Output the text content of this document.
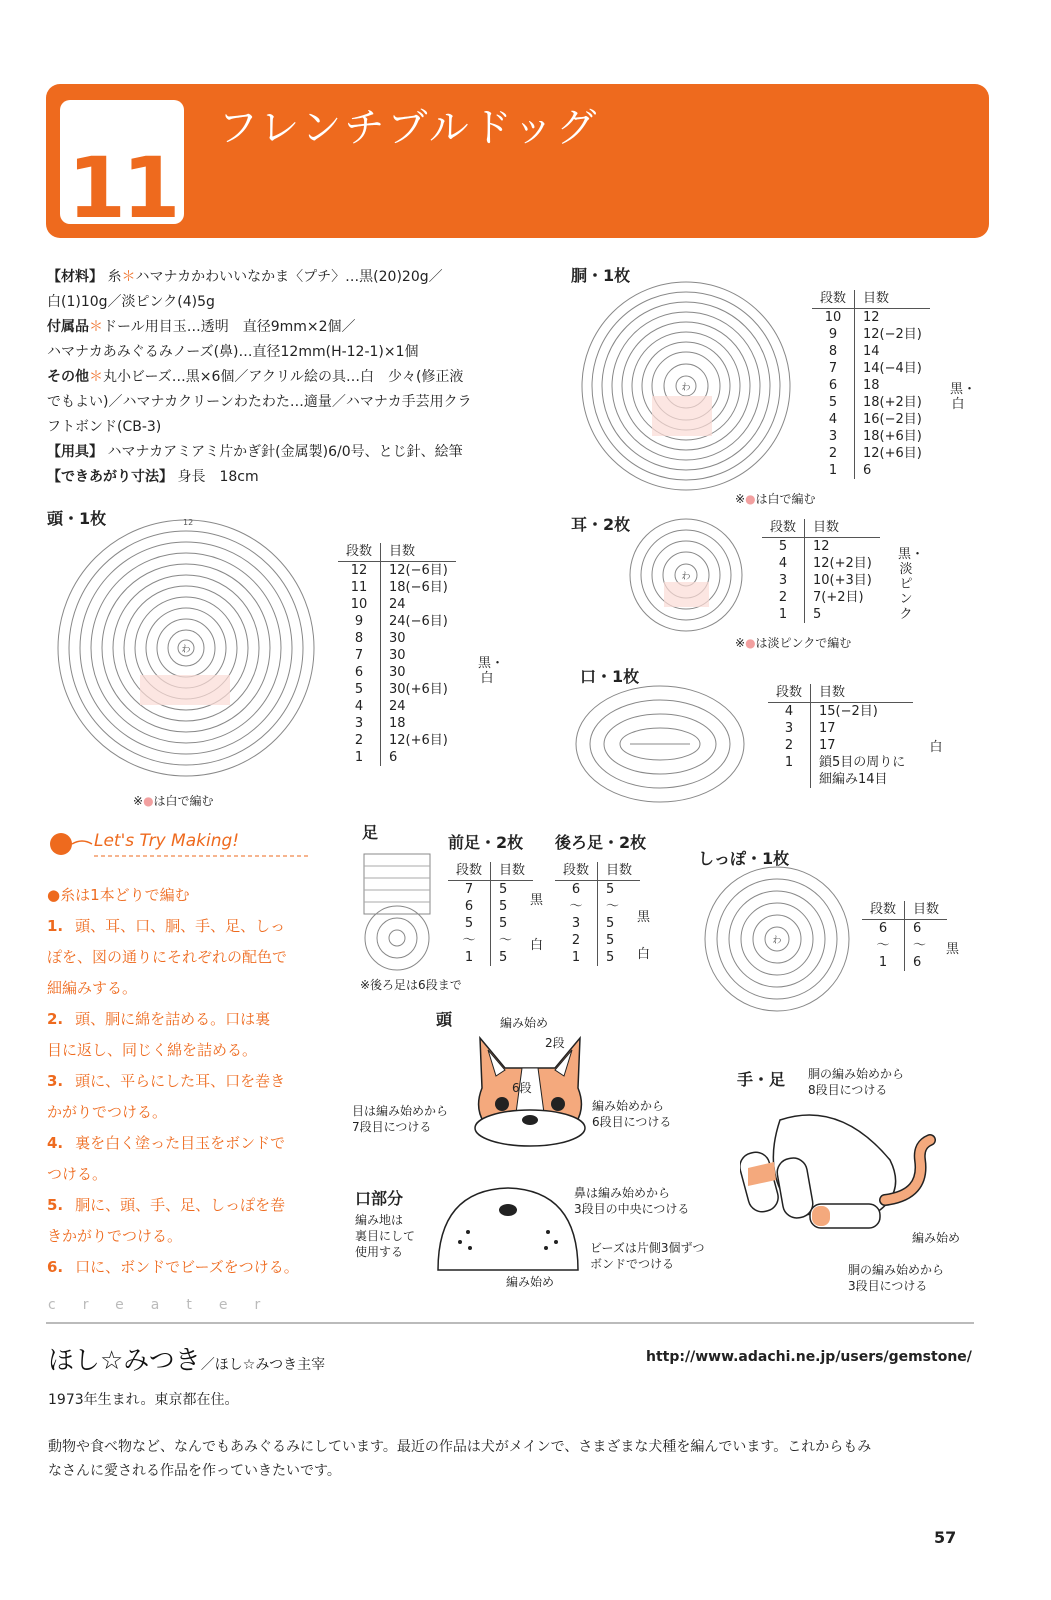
11
フレンチブルドッグ
【材料】 糸＊ハマナカかわいいなかま〈プチ〉…黒(20)20g／
白(1)10g／淡ピンク(4)5g
付属品＊ドール用目玉…透明　直径9mm×2個／
ハマナカあみぐるみノーズ(鼻)…直径12mm(H-12-1)×1個
その他＊丸小ビーズ…黒×6個／アクリル絵の具…白　少々(修正液
でもよい)／ハマナカクリーンわたわた…適量／ハマナカ手芸用クラ
フトボンド(CB-3)
【用具】 ハマナカアミアミ片かぎ針(金属製)6/0号、とじ針、絵筆
【できあがり寸法】 身長　18cm
頭・1枚
わ
12
段数	目数
12	12(−6目)
11	18(−6目)
10	24
9	24(−6目)
8	30
7	30
6	30
5	30(+6目)
4	24
3	18
2	12(+6目)
1	6
黒・白
※●は白で編む
胴・1枚
わ
段数	目数
10	12
9	12(−2目)
8	14
7	14(−4目)
6	18
5	18(+2目)
4	16(−2目)
3	18(+6目)
2	12(+6目)
1	6
黒・白
※●は白で編む
耳・2枚
わ
段数	目数
5	12
4	12(+2目)
3	10(+3目)
2	7(+2目)
1	5
黒・淡ピンク
※●は淡ピンクで編む
口・1枚
段数	目数
4	15(−2目)
3	17
2	17
1	鎖5目の周りに
	細編み14目
白
Let's Try Making!
●糸は1本どりで編む
1. 頭、耳、口、胴、手、足、しっ
ぽを、図の通りにそれぞれの配色で
細編みする。
2. 頭、胴に綿を詰める。口は裏
目に返し、同じく綿を詰める。
3. 頭に、平らにした耳、口を巻き
かがりでつける。
4. 裏を白く塗った目玉をボンドで
つける。
5. 胴に、頭、手、足、しっぽを巻
きかがりでつける。
6. 口に、ボンドでビーズをつける。
足
※後ろ足は6段まで
前足・2枚
段数	目数
7	5
6	5
5	5
〜	〜
1	5
黒
白
後ろ足・2枚
段数	目数
6	5
〜	〜
3	5
2	5
1	5
黒
白
しっぽ・1枚
わ
段数	目数
6	6
〜	〜
1	6
黒
頭	編み始め
2段
6段
目は編み始めから
7段目につける
編み始めから
6段目につける
口部分
編み地は
裏目にして
使用する
鼻は編み始めから
3段目の中央につける
ビーズは片側3個ずつ
ボンドでつける
編み始め
手・足 胴の編み始めから
8段目につける
編み始め
胴の編み始めから
3段目につける
creater
ほし☆みつき／ほし☆みつき主宰	http://www.adachi.ne.jp/users/gemstone/
1973年生まれ。東京都在住。
動物や食べ物など、なんでもあみぐるみにしています。最近の作品は犬がメインで、さまざまな犬種を編んでいます。これからもみ
なさんに愛される作品を作っていきたいです。
57
